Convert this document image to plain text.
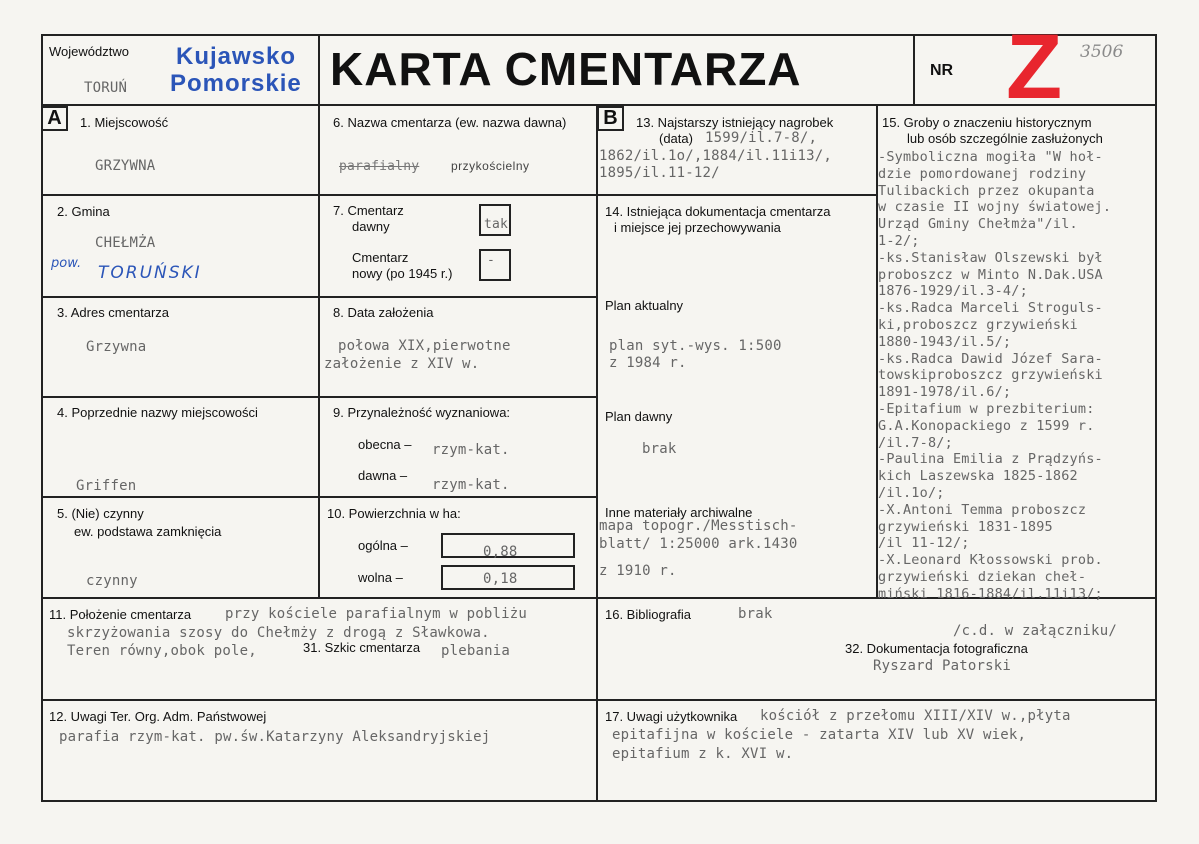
Województwo
TORUŃ
Kujawsko
Pomorskie KARTA CMENTARZA	NR Z 3506
A	B
1. Miejscowość
GRZYWNA
2. Gmina
CHEŁMŻA
pow. TORUŃSKI
3. Adres cmentarza
Grzywna
4. Poprzednie nazwy miejscowości
Griffen
5. (Nie) czynny
ew. podstawa zamknięcia
czynny
6. Nazwa cmentarza (ew. nazwa dawna)
parafialny	przykościelny
7. Cmentarz
dawny	tak
Cmentarz
nowy (po 1945 r.)
-
8. Data założenia
połowa XIX,pierwotne
założenie z XIV w.
9. Przynależność wyznaniowa:
obecna – rzym-kat.
dawna –
rzym-kat.
10. Powierzchnia w ha:
ogólna –	0,88
wolna –	0,18
13. Najstarszy istniejący nagrobek
(data) 1599/il.7-8/,
1862/il.1o/,1884/il.11i13/,
1895/il.11-12/
14. Istniejąca dokumentacja cmentarza
i miejsce jej przechowywania
Plan aktualny
plan syt.-wys. 1:500
z 1984 r.
Plan dawny
brak
Inne materiały archiwalne
mapa topogr./Messtisch-
blatt/ 1:25000 ark.1430
z 1910 r.
15. Groby o znaczeniu historycznym
lub osób szczególnie zasłużonych
-Symboliczna mogiła "W hoł-
dzie pomordowanej rodziny
Tulibackich przez okupanta
w czasie II wojny światowej.
Urząd Gminy Chełmża"/il.
1-2/;
-ks.Stanisław Olszewski był
proboszcz w Minto N.Dak.USA
1876-1929/il.3-4/;
-ks.Radca Marceli Stroguls-
ki,proboszcz grzywieński
1880-1943/il.5/;
-ks.Radca Dawid Józef Sara-
towskiproboszcz grzywieński
1891-1978/il.6/;
-Epitafium w prezbiterium:
G.A.Konopackiego z 1599 r.
/il.7-8/;
-Paulina Emilia z Prądzyńs-
kich Laszewska 1825-1862
/il.1o/;
-X.Antoni Temma proboszcz
grzywieński 1831-1895
/il 11-12/;
-X.Leonard Kłossowski prob.
grzywieński dziekan cheł-
miński 1816-1884/il.11i13/;
/c.d. w załączniku/
11. Położenie cmentarza przy kościele parafialnym w pobliżu
skrzyżowania szosy do Chełmży z drogą z Sławkowa.
Teren równy,obok pole,	31. Szkic cmentarza plebania
16. Bibliografia	brak
32. Dokumentacja fotograficzna
Ryszard Patorski
12. Uwagi Ter. Org. Adm. Państwowej
parafia rzym-kat. pw.św.Katarzyny Aleksandryjskiej
17. Uwagi użytkownika kościół z przełomu XIII/XIV w.,płyta
epitafijna w kościele - zatarta XIV lub XV wiek,
epitafium z k. XVI w.
